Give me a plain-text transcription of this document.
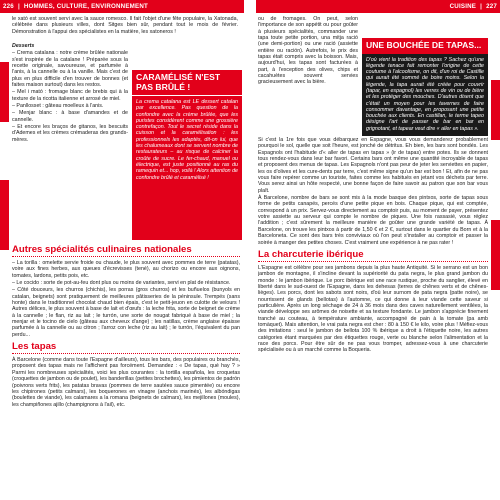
226 | HOMMES, CULTURE, ENVIRONNEMENT	CUISINE | 227

le xató est souvent servi avec la sauce romesco. Il fait l'objet d'une fête populaire, la Xatonada, célébrée dans plusieurs villes, dont Sitges bien sûr, pendant tout le mois de février. Démonstration à l'appui des spécialistes en la matière, les xatoneros !

Desserts

– Crema catalana : notre crème brûlée nationale s'est inspirée de la catalane ! Préparée sous la recette originale, savoureuse, et parfumée à l'anis, à la cannelle ou à la vanille. Mais c'est de plus en plus difficile d'en trouver de bonnes (et faites maison surtout) dans les restos.

– Mel i mató : fromage blanc de brebis qui à la texture de la ricotta italienne et arrosé de miel.

– Panllosset : gâteau moelleux à l'anis.

– Menjar blanc : à base d'amandes et de cannelle.

– Et encore les braços de gitanos, les bescuits d'Ademes et les crèmes crémaderas des grands-mères.

CARAMÉLISÉ N'EST PAS BRÛLÉ !
La crema catalana est LE dessert catalan par excellence. Pas question de la confondre avec la crème brûlée, que les puristes considèrent comme une grossière contrefaçon. Tout le secret réside dans la cuisson et la caramélisation : les professionnels les adaptés, dit-on lui, que les chalumeaux dont se servent nombre de restaurateurs – au risque de calciner la croûte de sucre. Le fer-chaud, manuel ou électrique, est juste positionné au ras du ramequin et... hop, voilà ! Alors attention de confondre brûlé et caramélisé !
Autres spécialités culinaires nationales

– La torilla : omelette servie froide ou chaude, le plus souvent avec pommes de terre (patatas), voire aux fines herbes, aux queues d'écrevisses (tené), au chorizo ou encore aux oignons, tomates, lardons, petits pois, etc.

– Le cocido : sorte de pot-au-feu dont plus ou moins de variantes, servi en plat de résistance.

– Côté douceurs, les churros (chichis), les porras (gros churros) et les buñuelos (bunyols en catalan, beignets) sont pratiquement de meilleures pâtisseries de la péninsule. Trempés (sans honte) dans le traditionnel chocolat chaud bien épais, c'est le petit-jeuon en culotte de velours ! Autres délices, le plus souvent à base de lait et d'œufs : la leche frita, sorte de beignet de crème à la cannelle ; le flan, riz au lait ; le turrón, une sorte de nougat fabriqué à base de miel ; la menjar et le tocino de cielo (gâteau aux cheveux d'ange) ; les natillas, crème anglaise épaisse parfumée à la cannelle ou au citron ; l'arroz con leche (riz au lait) ; le turrón, l'équivalent du pan perdu...

Les tapas

À Barcelone (comme dans toute l'Espagne d'ailleurs), tous les bars, des populaires ou branchés, proposent des tapas mais ne l'affichent pas forcément. Demandez : « De tapas, qué hay ? » Parmi les nombreuses spécialités, voici les plus courantes : la tortilla española, les croquetas (croquettes de jambon ou de poulet), les banderillas (petites brochettes), les pimientos de padrón (poivrons verts frits), les patatas bravas (pommes de terre sautées sauce pimentée) ou encore les chipirones (petits calmars), les boquerones en vinagre (anchois marinés), les albóndigas (boulettes de viande), les calamares a la romana (beignets de calmars), les mejillones (moules), les champiñones ajillo (champignons à l'ail), etc.

ou de fromages. On peut, selon l'importance de son appétit ou pour goûter à plusieurs spécialités, commander une tapa toute petite portion, una mitja ració (une demi-portion) ou une ració (assiette entière ou ración). Autrefois, le prix des tapas était compris avec la boisson. Mais, aujourd'hui, les tapas sont facturées à part, à l'exception des olives, chips et cacahuètes souvent servies gracieusement avec la bière.

UNE BOUCHÉE DE TAPAS...
D'où vient la tradition des tapas ? Sachez qu'une légende tenace fait remonter l'origine de cette coutume à l'alcoolisme, on dit, d'un roi de Castille qui aurait été sommé de boire moins. Selon la légende, la tapa aurait été créée pour couvrir (tapar, en espagnol) les verres de vin ou de bière et les protéger des mouches. D'autres disent que c'était un moyen pour les tavernes de faire consommer davantage, en proposant une petite bouchée aux clients. En castillan, le terme tapeo désigne l'art de passer de bar en bar en grignotant, et tapear veut dire « aller en tapas ».

Si c'est la 1re fois que vous débarquez en Espagne, vous vous demanderez probablement pourquoi le sol, quelle que soit l'heure, est jonché de détritus. Eh bien, les bars sont bondés. Les Espagnols ont l'habitude d'« aller de tapas en tapas » (ir de tapas) entre potes. Ils se donnent tous rendez-vous dans leur bar favori. Certains bars ont même une quantité incroyable de tapas et proposent des menus de tapas. Les Espagnols n'ont pas peur de jeter les serviettes en papier, les os d'olives et les cure-dents par terre, c'est même signe qu'un bar est bon ! Et, afin de ne pas vous faire repérer comme un touriste, faites comme les habitués en jetant vos déchets par terre. Vous serez ainsi un hôte respecté, une bonne façon de faire savoir au patron que son bar vous plaît.

À Barcelone, nombre de bars se sont mis à la mode basque des pintxos, sorte de tapas sous forme de petits canapés, percés d'une petite pique en bois. Chaque pique, qui est comptée, correspond à un prix. Servez-vous directement au comptoir puis, au moment de payer, présentez votre assiette au serveur qui compte le nombre de piques. Une fois rassasié, vous réglez l'addition ; c'est sûrement la meilleure manière de goûter une grande variété de tapas. À Barcelone, on trouve les pintxos à partir de 1,50 € et 2 €, surtout dans le quartier du Born et à la Barceloneta. Ce sont des bars très conviviaux où l'on peut s'installer au comptoir et passer la soirée à manger des petites choses. C'est vraiment une expérience à ne pas rater !

La charcuterie ibérique

L'Espagne est célèbre pour ses jambons depuis la plus haute Antiquité. Si le serrano est un bon jambon de montagne, il s'incline devant la supériorité du pata negra, le plus grand jambon du monde : le jambon ibérique. Le porc ibérique est une race rustique, proche du sanglier, élevé en liberté dans le sud-ouest de l'Espagne, dans les dehesas (terres de chênes verts et de chênes-lièges). Les porcs, dont les sabots sont noirs, d'où leur surnom de pata negra (patte noire), se nourrissent de glands (bellotas) à l'automne, ce qui donne à leur viande cette saveur si particulière. Après un long séchage de 24 à 36 mois dans des caves naturellement ventilées, la viande développe ses arômes de noisette et sa texture fondante. Le jambon s'apprécie finement tranché au couteau, à température ambiante, accompagné de pain à la tomate (pa amb tomàquet). Mais attention, le vrai pata negra est cher : 80 à 150 € le kilo, voire plus ! Méfiez-vous des imitations : seul le jambon de bellota 100 % ibérique a droit à l'étiquette noire, les autres catégories étant marquées par des étiquettes rouge, verte ou blanche selon l'alimentation et la race des porcs. Pour être sûr de ne pas vous tromper, adressez-vous à une charcuterie spécialisée ou à un marché comme la Boqueria.
